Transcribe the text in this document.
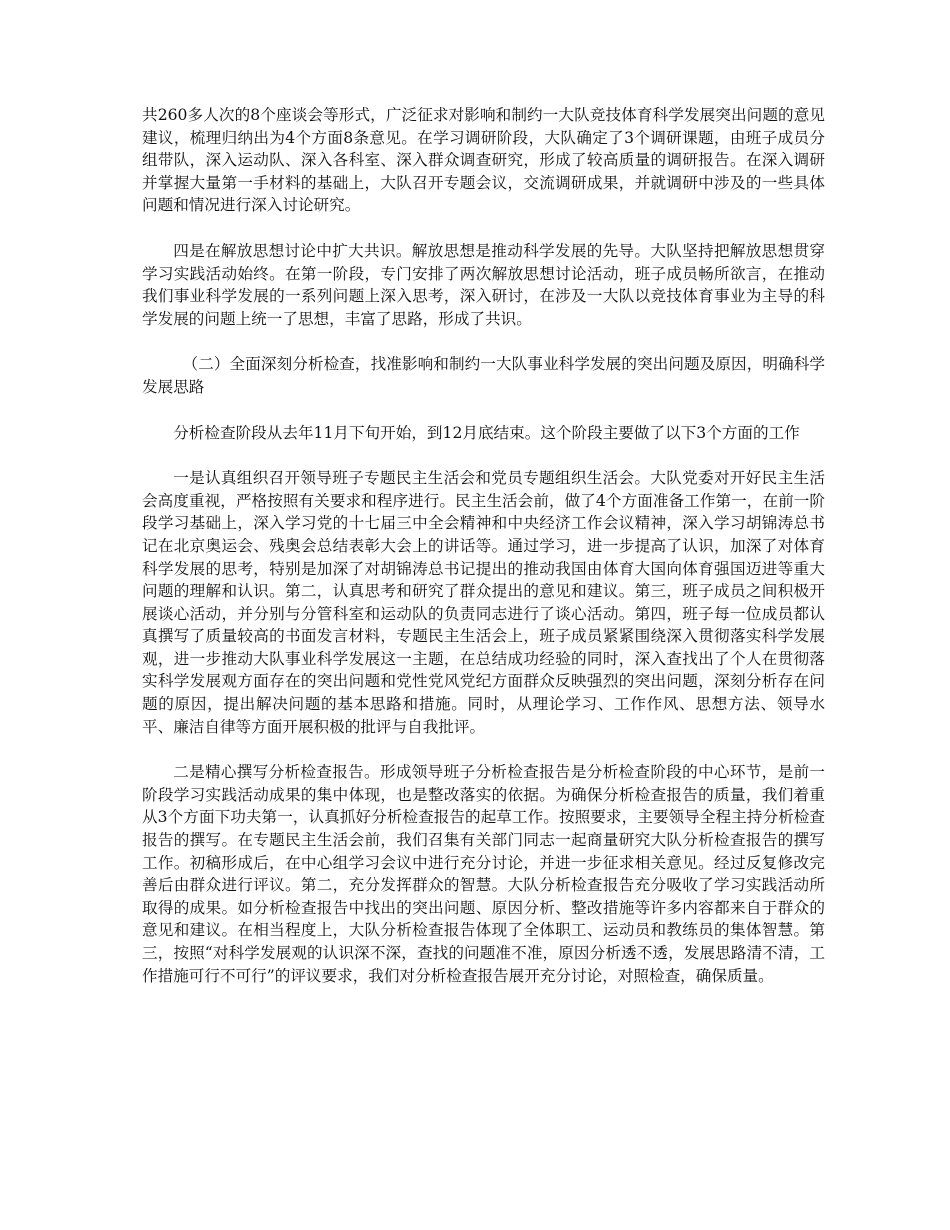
共260多人次的8个座谈会等形式，广泛征求对影响和制约一大队竞技体育科学发展突出问题的意见建议，梳理归纳出为4个方面8条意见。在学习调研阶段，大队确定了3个调研课题，由班子成员分组带队，深入运动队、深入各科室、深入群众调查研究，形成了较高质量的调研报告。在深入调研并掌握大量第一手材料的基础上，大队召开专题会议，交流调研成果，并就调研中涉及的一些具体问题和情况进行深入讨论研究。

四是在解放思想讨论中扩大共识。解放思想是推动科学发展的先导。大队坚持把解放思想贯穿学习实践活动始终。在第一阶段，专门安排了两次解放思想讨论活动，班子成员畅所欲言，在推动我们事业科学发展的一系列问题上深入思考，深入研讨，在涉及一大队以竞技体育事业为主导的科学发展的问题上统一了思想，丰富了思路，形成了共识。

（二）全面深刻分析检查，找准影响和制约一大队事业科学发展的突出问题及原因，明确科学发展思路

分析检查阶段从去年11月下旬开始，到12月底结束。这个阶段主要做了以下3个方面的工作

一是认真组织召开领导班子专题民主生活会和党员专题组织生活会。大队党委对开好民主生活会高度重视，严格按照有关要求和程序进行。民主生活会前，做了4个方面准备工作第一，在前一阶段学习基础上，深入学习党的十七届三中全会精神和中央经济工作会议精神，深入学习胡锦涛总书记在北京奥运会、残奥会总结表彰大会上的讲话等。通过学习，进一步提高了认识，加深了对体育科学发展的思考，特别是加深了对胡锦涛总书记提出的推动我国由体育大国向体育强国迈进等重大问题的理解和认识。第二，认真思考和研究了群众提出的意见和建议。第三，班子成员之间积极开展谈心活动，并分别与分管科室和运动队的负责同志进行了谈心活动。第四，班子每一位成员都认真撰写了质量较高的书面发言材料，专题民主生活会上，班子成员紧紧围绕深入贯彻落实科学发展观，进一步推动大队事业科学发展这一主题，在总结成功经验的同时，深入查找出了个人在贯彻落实科学发展观方面存在的突出问题和党性党风党纪方面群众反映强烈的突出问题，深刻分析存在问题的原因，提出解决问题的基本思路和措施。同时，从理论学习、工作作风、思想方法、领导水平、廉洁自律等方面开展积极的批评与自我批评。

二是精心撰写分析检查报告。形成领导班子分析检查报告是分析检查阶段的中心环节，是前一阶段学习实践活动成果的集中体现，也是整改落实的依据。为确保分析检查报告的质量，我们着重从3个方面下功夫第一，认真抓好分析检查报告的起草工作。按照要求，主要领导全程主持分析检查报告的撰写。在专题民主生活会前，我们召集有关部门同志一起商量研究大队分析检查报告的撰写工作。初稿形成后，在中心组学习会议中进行充分讨论，并进一步征求相关意见。经过反复修改完善后由群众进行评议。第二，充分发挥群众的智慧。大队分析检查报告充分吸收了学习实践活动所取得的成果。如分析检查报告中找出的突出问题、原因分析、整改措施等许多内容都来自于群众的意见和建议。在相当程度上，大队分析检查报告体现了全体职工、运动员和教练员的集体智慧。第三，按照“对科学发展观的认识深不深，查找的问题准不准，原因分析透不透，发展思路清不清，工作措施可行不可行”的评议要求，我们对分析检查报告展开充分讨论，对照检查，确保质量。
